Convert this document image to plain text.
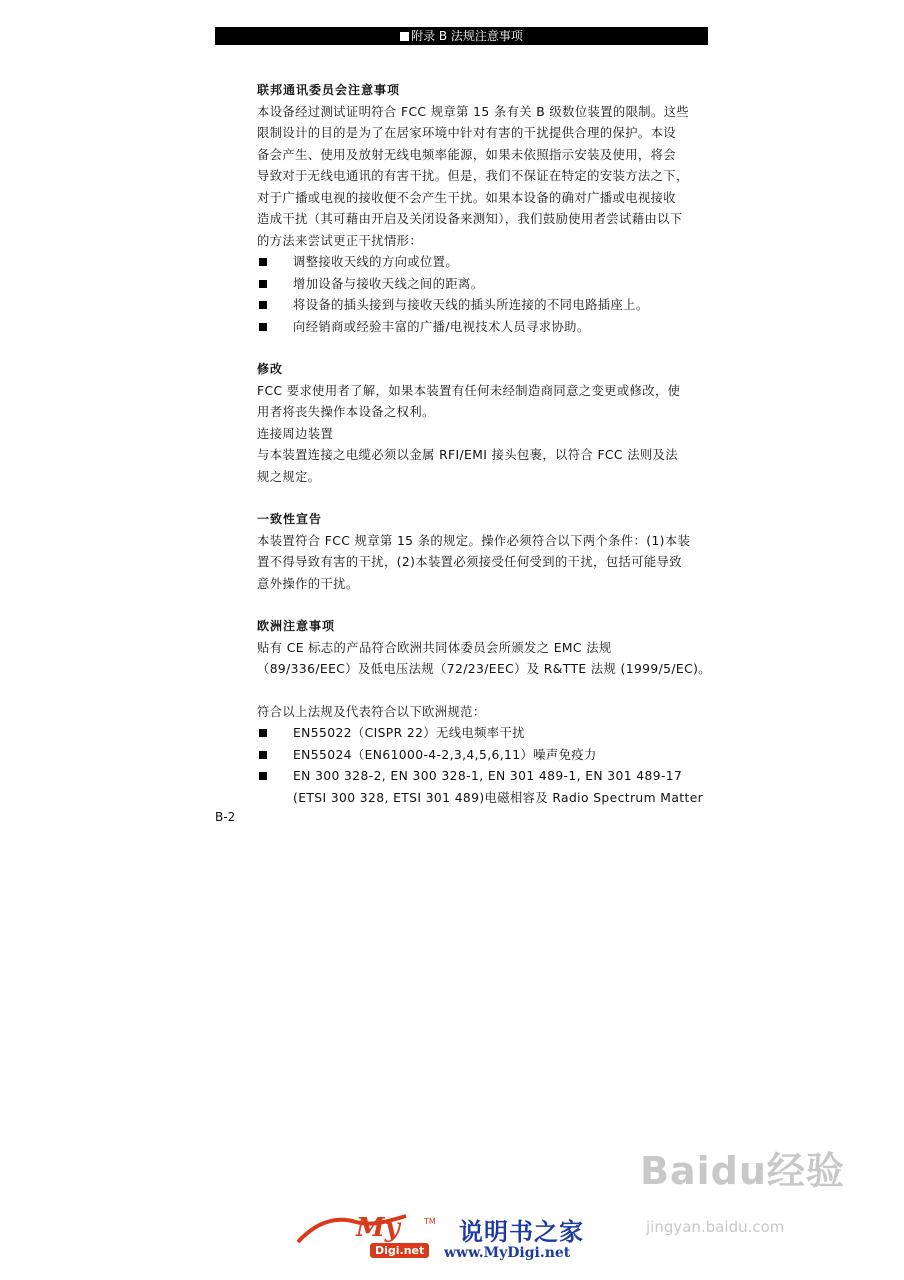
附录 B 法规注意事项

联邦通讯委员会注意事项

本设备经过测试证明符合 FCC 规章第 15 条有关 B 级数位装置的限制。这些

限制设计的目的是为了在居家环境中针对有害的干扰提供合理的保护。本设

备会产生、使用及放射无线电频率能源，如果未依照指示安装及使用，将会

导致对于无线电通讯的有害干扰。但是，我们不保证在特定的安装方法之下，

对于广播或电视的接收便不会产生干扰。如果本设备的确对广播或电视接收

造成干扰（其可藉由开启及关闭设备来测知），我们鼓励使用者尝试藉由以下

的方法来尝试更正干扰情形：

调整接收天线的方向或位置。
增加设备与接收天线之间的距离。
将设备的插头接到与接收天线的插头所连接的不同电路插座上。
向经销商或经验丰富的广播/电视技术人员寻求协助。

修改

FCC 要求使用者了解，如果本装置有任何未经制造商同意之变更或修改，使

用者将丧失操作本设备之权利。

连接周边装置

与本装置连接之电缆必须以金属 RFI/EMI 接头包裹，以符合 FCC 法则及法

规之规定。

一致性宣告

本装置符合 FCC 规章第 15 条的规定。操作必须符合以下两个条件：(1)本装

置不得导致有害的干扰，(2)本装置必须接受任何受到的干扰，包括可能导致

意外操作的干扰。

欧洲注意事项

贴有 CE 标志的产品符合欧洲共同体委员会所颁发之 EMC 法规

（89/336/EEC）及低电压法规（72/23/EEC）及 R&TTE 法规 (1999/5/EC)。

符合以上法规及代表符合以下欧洲规范：

EN55022（CISPR 22）无线电频率干扰
EN55024（EN61000-4-2,3,4,5,6,11）噪声免疫力
EN 300 328-2, EN 300 328-1, EN 301 489-1, EN 301 489-17 (ETSI 300 328, ETSI 301 489)电磁相容及 Radio Spectrum Matter
B-2
Baidu经验
jingyan.baidu.com
My	TM
Digi.net
说明书之家
www.MyDigi.net
